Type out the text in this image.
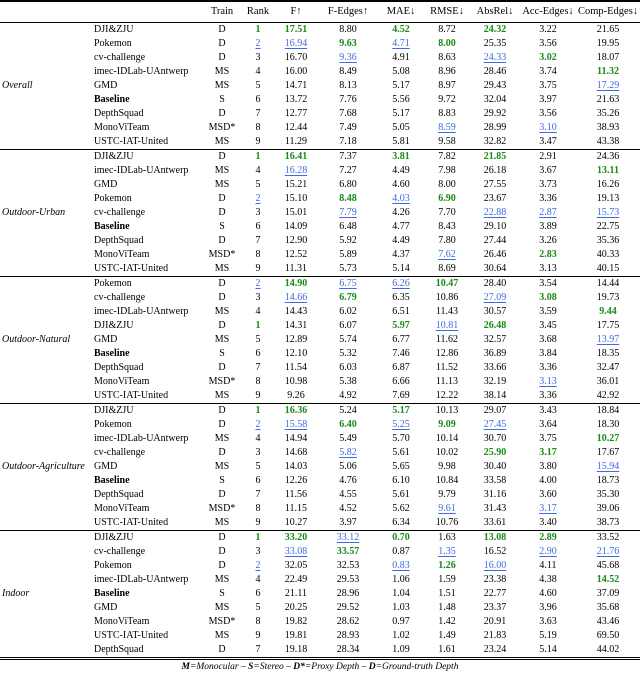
		Train	Rank	F↑	F-Edges↑	MAE↓	RMSE↓	AbsRel↓	Acc-Edges↓	Comp-Edges↓
Overall	DJI&ZJU	D	1	17.51	8.80	4.52	8.72	24.32	3.22	21.65
	Pokemon	D	2	16.94	9.63	4.71	8.00	25.35	3.56	19.95
	cv-challenge	D	3	16.70	9.36	4.91	8.63	24.33	3.02	18.07
	imec-IDLab-UAntwerp	MS	4	16.00	8.49	5.08	8.96	28.46	3.74	11.32
	GMD	MS	5	14.71	8.13	5.17	8.97	29.43	3.75	17.29
	Baseline	S	6	13.72	7.76	5.56	9.72	32.04	3.97	21.63
	DepthSquad	D	7	12.77	7.68	5.17	8.83	29.92	3.56	35.26
	MonoViTeam	MSD*	8	12.44	7.49	5.05	8.59	28.99	3.10	38.93
	USTC-IAT-United	MS	9	11.29	7.18	5.81	9.58	32.82	3.47	43.38
Outdoor-Urban	DJI&ZJU	D	1	16.41	7.37	3.81	7.82	21.85	2.91	24.36
	imec-IDLab-UAntwerp	MS	4	16.28	7.27	4.49	7.98	26.18	3.67	13.11
	GMD	MS	5	15.21	6.80	4.60	8.00	27.55	3.73	16.26
	Pokemon	D	2	15.10	8.48	4.03	6.90	23.67	3.36	19.13
	cv-challenge	D	3	15.01	7.79	4.26	7.70	22.88	2.87	15.73
	Baseline	S	6	14.09	6.48	4.77	8.43	29.10	3.89	22.75
	DepthSquad	D	7	12.90	5.92	4.49	7.80	27.44	3.26	35.36
	MonoViTeam	MSD*	8	12.52	5.89	4.37	7.62	26.46	2.83	40.33
	USTC-IAT-United	MS	9	11.31	5.73	5.14	8.69	30.64	3.13	40.15
Outdoor-Natural	Pokemon	D	2	14.90	6.75	6.26	10.47	28.40	3.54	14.44
	cv-challenge	D	3	14.66	6.79	6.35	10.86	27.09	3.08	19.73
	imec-IDLab-UAntwerp	MS	4	14.43	6.02	6.51	11.43	30.57	3.59	9.44
	DJI&ZJU	D	1	14.31	6.07	5.97	10.81	26.48	3.45	17.75
	GMD	MS	5	12.89	5.74	6.77	11.62	32.57	3.68	13.97
	Baseline	S	6	12.10	5.32	7.46	12.86	36.89	3.84	18.35
	DepthSquad	D	7	11.54	6.03	6.87	11.52	33.66	3.36	32.47
	MonoViTeam	MSD*	8	10.98	5.38	6.66	11.13	32.19	3.13	36.01
	USTC-IAT-United	MS	9	9.26	4.92	7.69	12.22	38.14	3.36	42.92
Outdoor-Agriculture	DJI&ZJU	D	1	16.36	5.24	5.17	10.13	29.07	3.43	18.84
	Pokemon	D	2	15.58	6.40	5.25	9.09	27.45	3.64	18.30
	imec-IDLab-UAntwerp	MS	4	14.94	5.49	5.70	10.14	30.70	3.75	10.27
	cv-challenge	D	3	14.68	5.82	5.61	10.02	25.90	3.17	17.67
	GMD	MS	5	14.03	5.06	5.65	9.98	30.40	3.80	15.94
	Baseline	S	6	12.26	4.76	6.10	10.84	33.58	4.00	18.73
	DepthSquad	D	7	11.56	4.55	5.61	9.79	31.16	3.60	35.30
	MonoViTeam	MSD*	8	11.15	4.52	5.62	9.61	31.43	3.17	39.06
	USTC-IAT-United	MS	9	10.27	3.97	6.34	10.76	33.61	3.40	38.73
Indoor	DJI&ZJU	D	1	33.20	33.12	0.70	1.63	13.08	2.89	33.52
	cv-challenge	D	3	33.08	33.57	0.87	1.35	16.52	2.90	21.76
	Pokemon	D	2	32.05	32.53	0.83	1.26	16.00	4.11	45.68
	imec-IDLab-UAntwerp	MS	4	22.49	29.53	1.06	1.59	23.38	4.38	14.52
	Baseline	S	6	21.11	28.96	1.04	1.51	22.77	4.60	37.09
	GMD	MS	5	20.25	29.52	1.03	1.48	23.37	3.96	35.68
	MonoViTeam	MSD*	8	19.82	28.62	0.97	1.42	20.91	3.63	43.46
	USTC-IAT-United	MS	9	19.81	28.93	1.02	1.49	21.83	5.19	69.50
	DepthSquad	D	7	19.18	28.34	1.09	1.61	23.24	5.14	44.02
M=Monocular – S=Stereo – D*=Proxy Depth – D=Ground-truth Depth										
